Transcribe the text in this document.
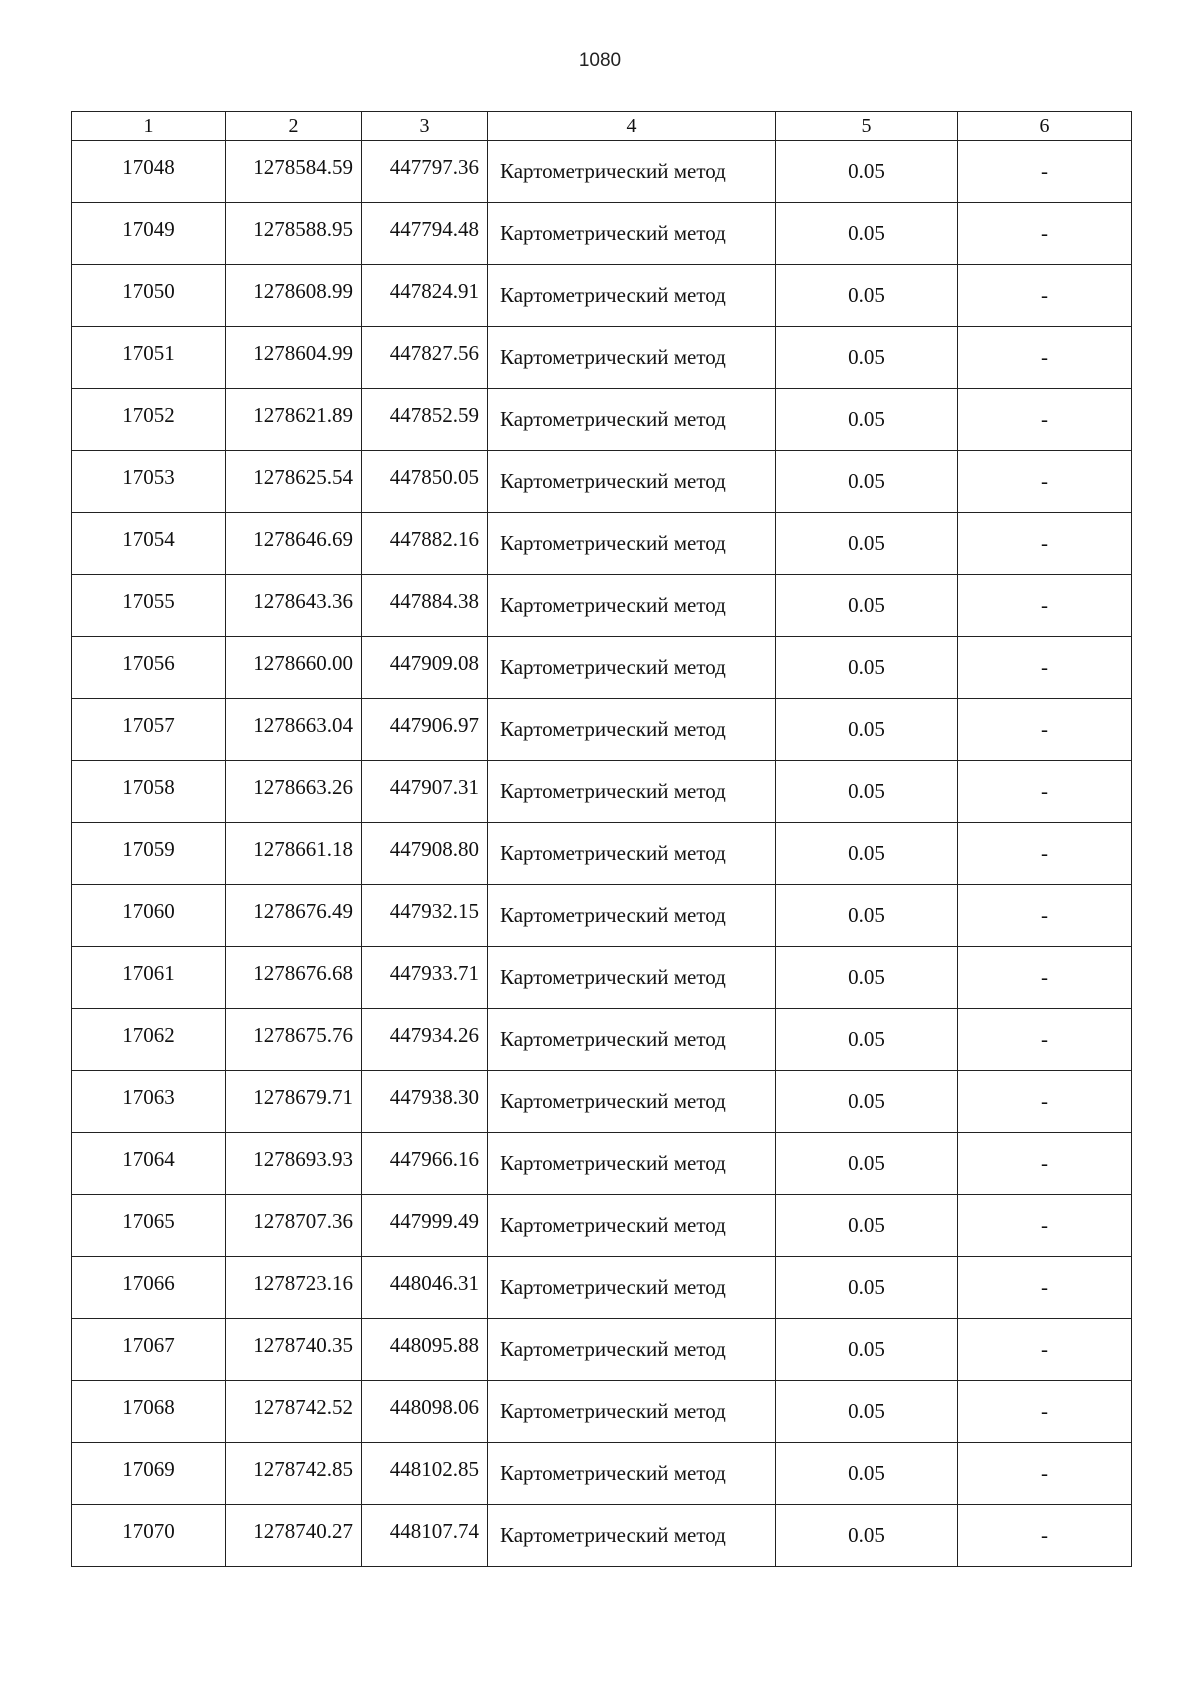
1080
1	2	3	4	5	6
17048	1278584.59	447797.36	Картометрический метод	0.05	-
17049	1278588.95	447794.48	Картометрический метод	0.05	-
17050	1278608.99	447824.91	Картометрический метод	0.05	-
17051	1278604.99	447827.56	Картометрический метод	0.05	-
17052	1278621.89	447852.59	Картометрический метод	0.05	-
17053	1278625.54	447850.05	Картометрический метод	0.05	-
17054	1278646.69	447882.16	Картометрический метод	0.05	-
17055	1278643.36	447884.38	Картометрический метод	0.05	-
17056	1278660.00	447909.08	Картометрический метод	0.05	-
17057	1278663.04	447906.97	Картометрический метод	0.05	-
17058	1278663.26	447907.31	Картометрический метод	0.05	-
17059	1278661.18	447908.80	Картометрический метод	0.05	-
17060	1278676.49	447932.15	Картометрический метод	0.05	-
17061	1278676.68	447933.71	Картометрический метод	0.05	-
17062	1278675.76	447934.26	Картометрический метод	0.05	-
17063	1278679.71	447938.30	Картометрический метод	0.05	-
17064	1278693.93	447966.16	Картометрический метод	0.05	-
17065	1278707.36	447999.49	Картометрический метод	0.05	-
17066	1278723.16	448046.31	Картометрический метод	0.05	-
17067	1278740.35	448095.88	Картометрический метод	0.05	-
17068	1278742.52	448098.06	Картометрический метод	0.05	-
17069	1278742.85	448102.85	Картометрический метод	0.05	-
17070	1278740.27	448107.74	Картометрический метод	0.05	-
